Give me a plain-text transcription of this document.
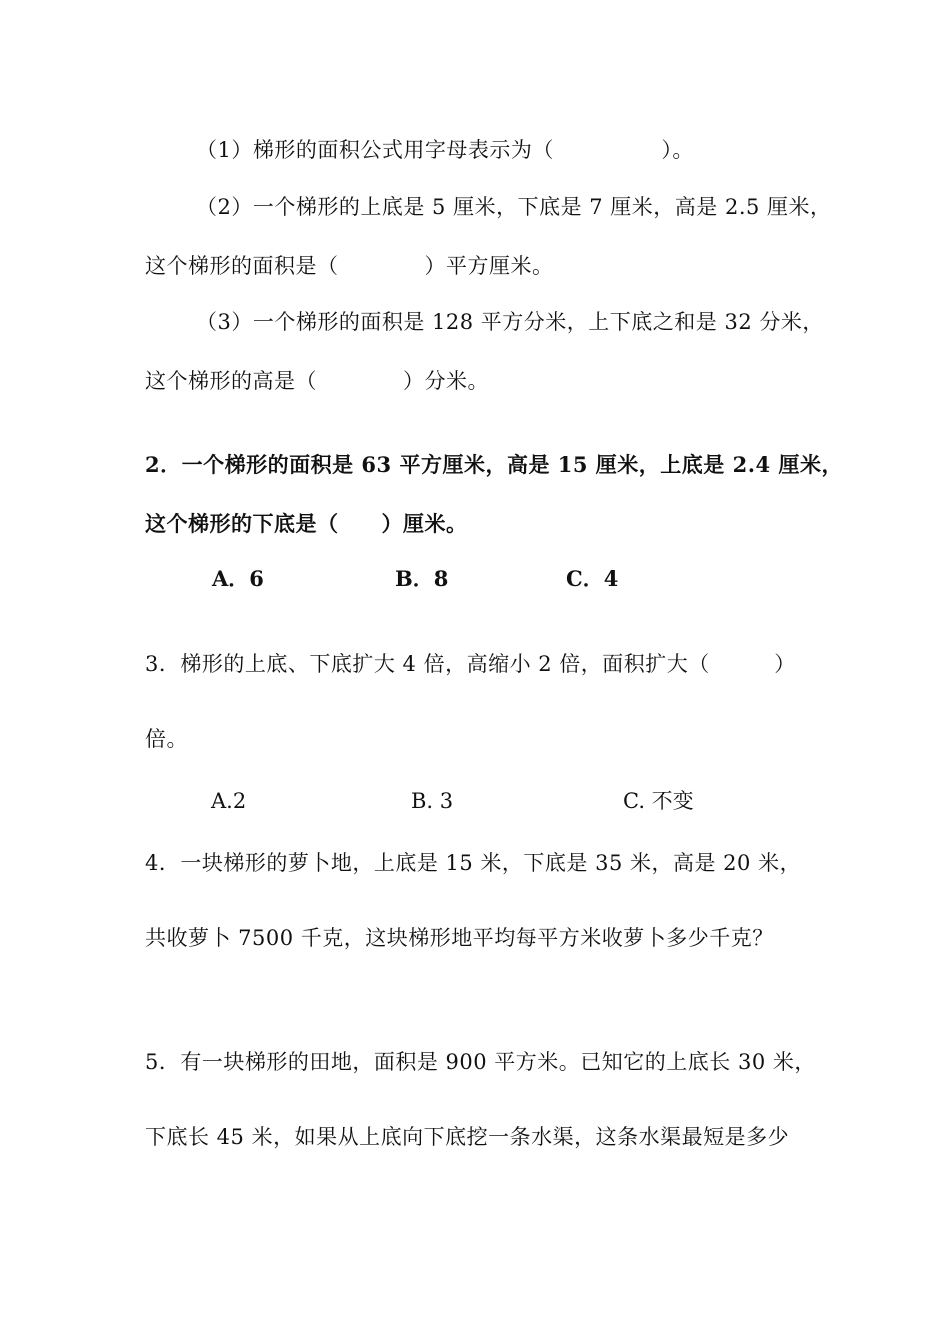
（1）梯形的面积公式用字母表示为（　　　　　）。
（2）一个梯形的上底是 5 厘米，下底是 7 厘米，高是 2.5 厘米，
这个梯形的面积是（　　　　）平方厘米。
（3）一个梯形的面积是 128 平方分米，上下底之和是 32 分米，
这个梯形的高是（　　　　）分米。
2．一个梯形的面积是 63 平方厘米，高是 15 厘米，上底是 2.4 厘米，
这个梯形的下底是（　　）厘米。
A．6	B．8	C．4
3．梯形的上底、下底扩大 4 倍，高缩小 2 倍，面积扩大（　　　）
倍。
A.2	B. 3	C. 不变
4．一块梯形的萝卜地，上底是 15 米，下底是 35 米，高是 20 米，
共收萝卜 7500 千克，这块梯形地平均每平方米收萝卜多少千克？
5．有一块梯形的田地，面积是 900 平方米。已知它的上底长 30 米，
下底长 45 米，如果从上底向下底挖一条水渠，这条水渠最短是多少
